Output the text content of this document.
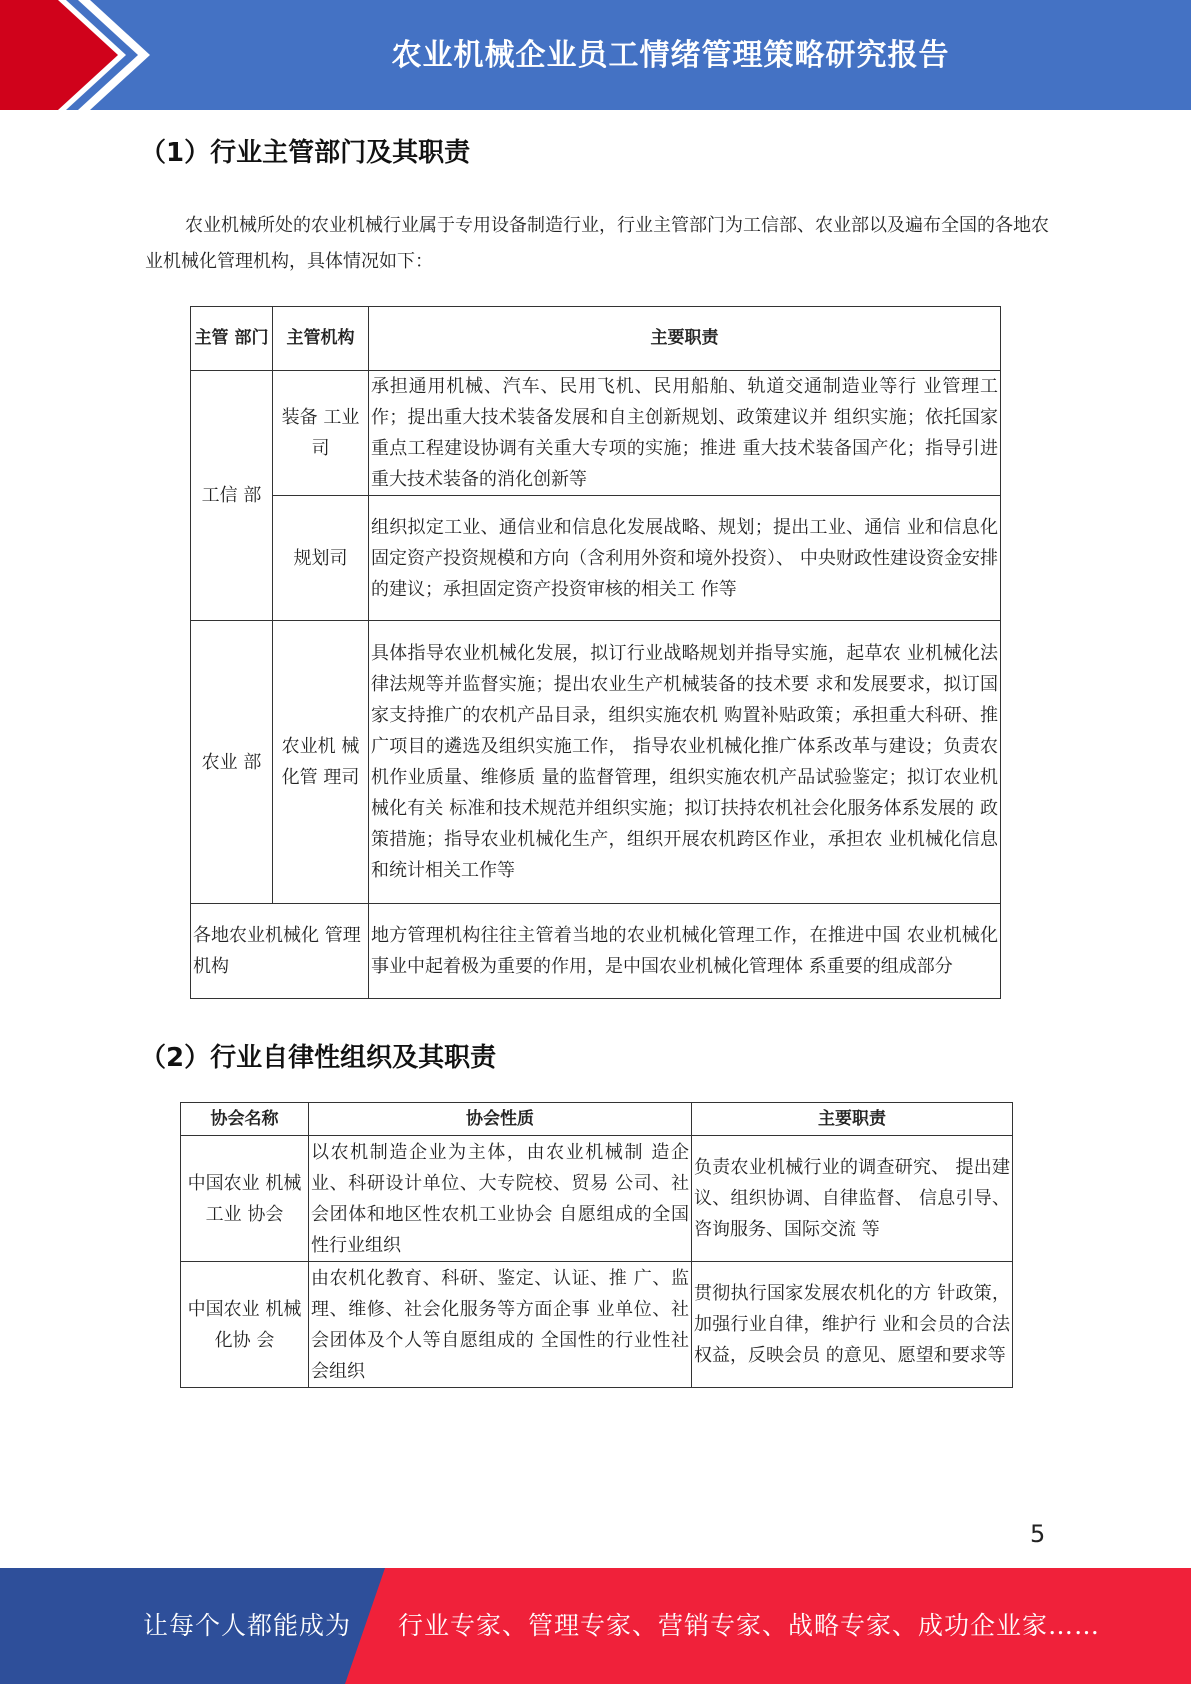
农业机械企业员工情绪管理策略研究报告
（1）行业主管部门及其职责
农业机械所处的农业机械行业属于专用设备制造行业，行业主管部门为工信部、农业部以及遍布全国的各地农业机械化管理机构，具体情况如下：
主管 部门	主管机构	主要职责
工信 部	装备 工业司	承担通用机械、汽车、民用飞机、民用船舶、轨道交通制造业等行 业管理工作；提出重大技术装备发展和自主创新规划、政策建议并 组织实施；依托国家重点工程建设协调有关重大专项的实施；推进 重大技术装备国产化；指导引进重大技术装备的消化创新等
	规划司	组织拟定工业、通信业和信息化发展战略、规划；提出工业、通信 业和信息化固定资产投资规模和方向（含利用外资和境外投资）、 中央财政性建设资金安排的建议；承担固定资产投资审核的相关工 作等
农业 部	农业机 械化管 理司	具体指导农业机械化发展，拟订行业战略规划并指导实施，起草农 业机械化法律法规等并监督实施；提出农业生产机械装备的技术要 求和发展要求，拟订国家支持推广的农机产品目录，组织实施农机 购置补贴政策；承担重大科研、推广项目的遴选及组织实施工作， 指导农业机械化推广体系改革与建设；负责农机作业质量、维修质 量的监督管理，组织实施农机产品试验鉴定；拟订农业机械化有关 标准和技术规范并组织实施；拟订扶持农机社会化服务体系发展的 政策措施；指导农业机械化生产，组织开展农机跨区作业，承担农 业机械化信息和统计相关工作等
各地农业机械化 管理机构		地方管理机构往往主管着当地的农业机械化管理工作，在推进中国 农业机械化事业中起着极为重要的作用，是中国农业机械化管理体 系重要的组成部分
（2）行业自律性组织及其职责
协会名称	协会性质	主要职责
中国农业 机械工业 协会	以农机制造企业为主体，由农业机械制 造企业、科研设计单位、大专院校、贸易 公司、社会团体和地区性农机工业协会 自愿组成的全国性行业组织	负责农业机械行业的调查研究、 提出建议、组织协调、自律监督、 信息引导、咨询服务、国际交流 等
中国农业 机械化协 会	由农机化教育、科研、鉴定、认证、推 广、监理、维修、社会化服务等方面企事 业单位、社会团体及个人等自愿组成的 全国性的行业性社会组织	贯彻执行国家发展农机化的方 针政策，加强行业自律，维护行 业和会员的合法权益，反映会员 的意见、愿望和要求等
5
让每个人都能成为 行业专家、管理专家、营销专家、战略专家、成功企业家……
